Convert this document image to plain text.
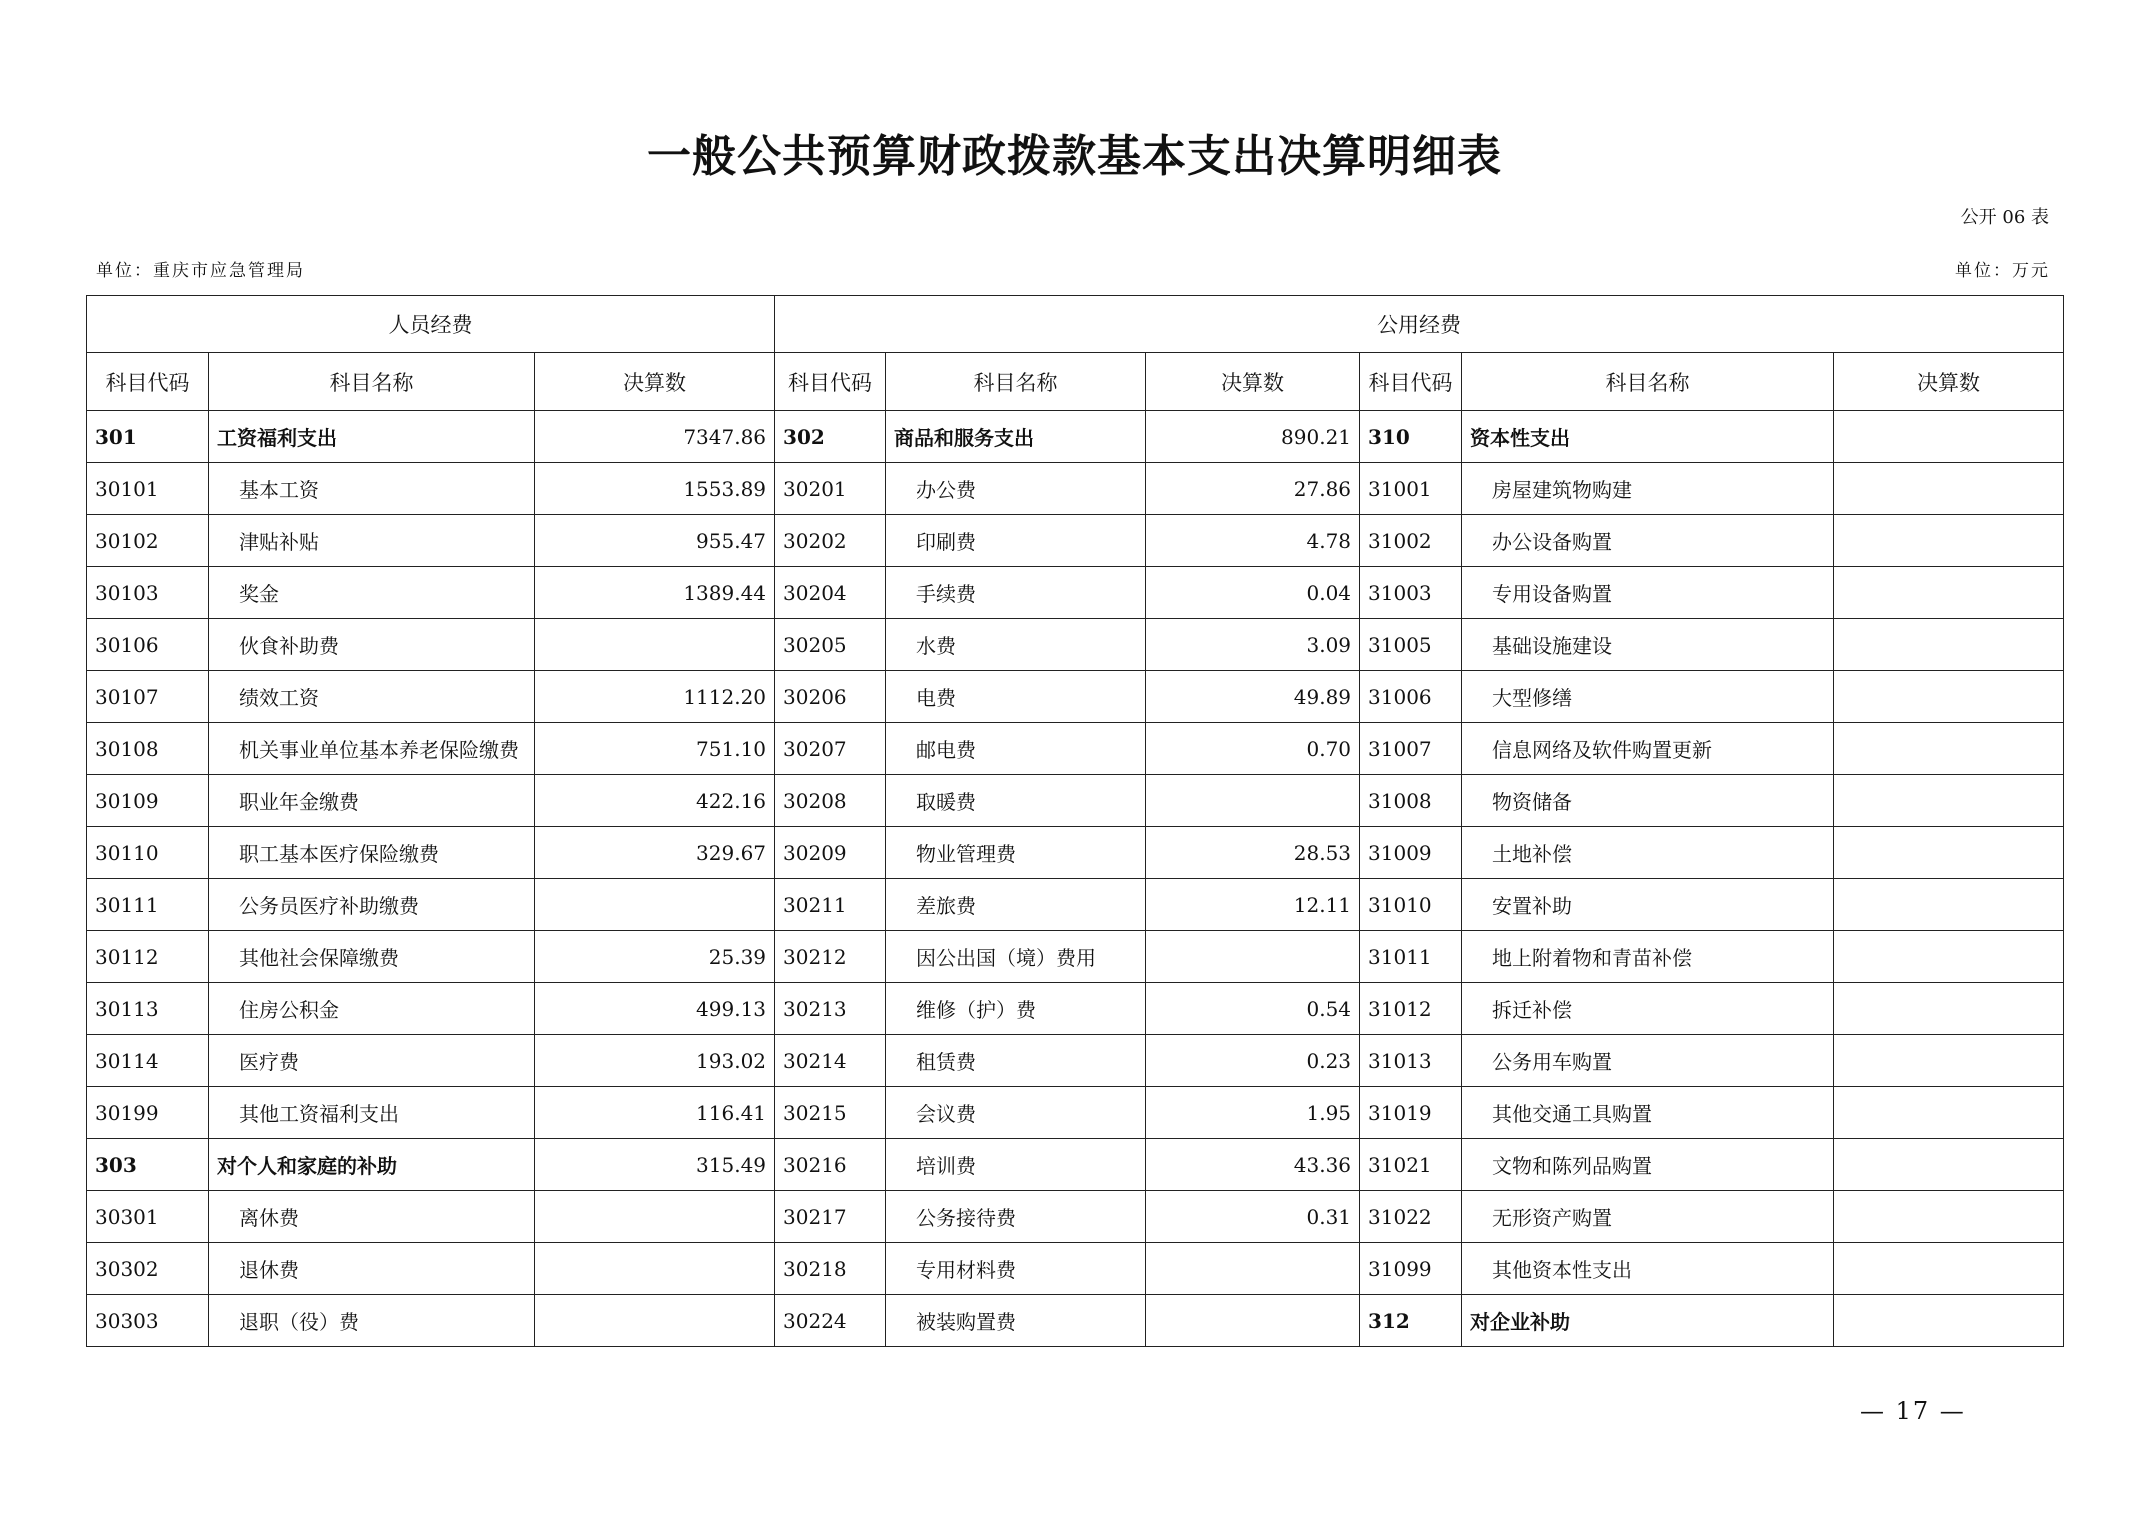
一般公共预算财政拨款基本支出决算明细表
公开 06 表
单位：重庆市应急管理局	单位：万元
人员经费			公用经费					
科目代码	科目名称	决算数	科目代码	科目名称	决算数	科目代码	科目名称	决算数
301	工资福利支出	7347.86	302	商品和服务支出	890.21	310	资本性支出	
30101	基本工资	1553.89	30201	办公费	27.86	31001	房屋建筑物购建	
30102	津贴补贴	955.47	30202	印刷费	4.78	31002	办公设备购置	
30103	奖金	1389.44	30204	手续费	0.04	31003	专用设备购置	
30106	伙食补助费		30205	水费	3.09	31005	基础设施建设	
30107	绩效工资	1112.20	30206	电费	49.89	31006	大型修缮	
30108	机关事业单位基本养老保险缴费	751.10	30207	邮电费	0.70	31007	信息网络及软件购置更新	
30109	职业年金缴费	422.16	30208	取暖费		31008	物资储备	
30110	职工基本医疗保险缴费	329.67	30209	物业管理费	28.53	31009	土地补偿	
30111	公务员医疗补助缴费		30211	差旅费	12.11	31010	安置补助	
30112	其他社会保障缴费	25.39	30212	因公出国（境）费用		31011	地上附着物和青苗补偿	
30113	住房公积金	499.13	30213	维修（护）费	0.54	31012	拆迁补偿	
30114	医疗费	193.02	30214	租赁费	0.23	31013	公务用车购置	
30199	其他工资福利支出	116.41	30215	会议费	1.95	31019	其他交通工具购置	
303	对个人和家庭的补助	315.49	30216	培训费	43.36	31021	文物和陈列品购置	
30301	离休费		30217	公务接待费	0.31	31022	无形资产购置	
30302	退休费		30218	专用材料费		31099	其他资本性支出	
30303	退职（役）费		30224	被装购置费		312	对企业补助	
— 17 —
